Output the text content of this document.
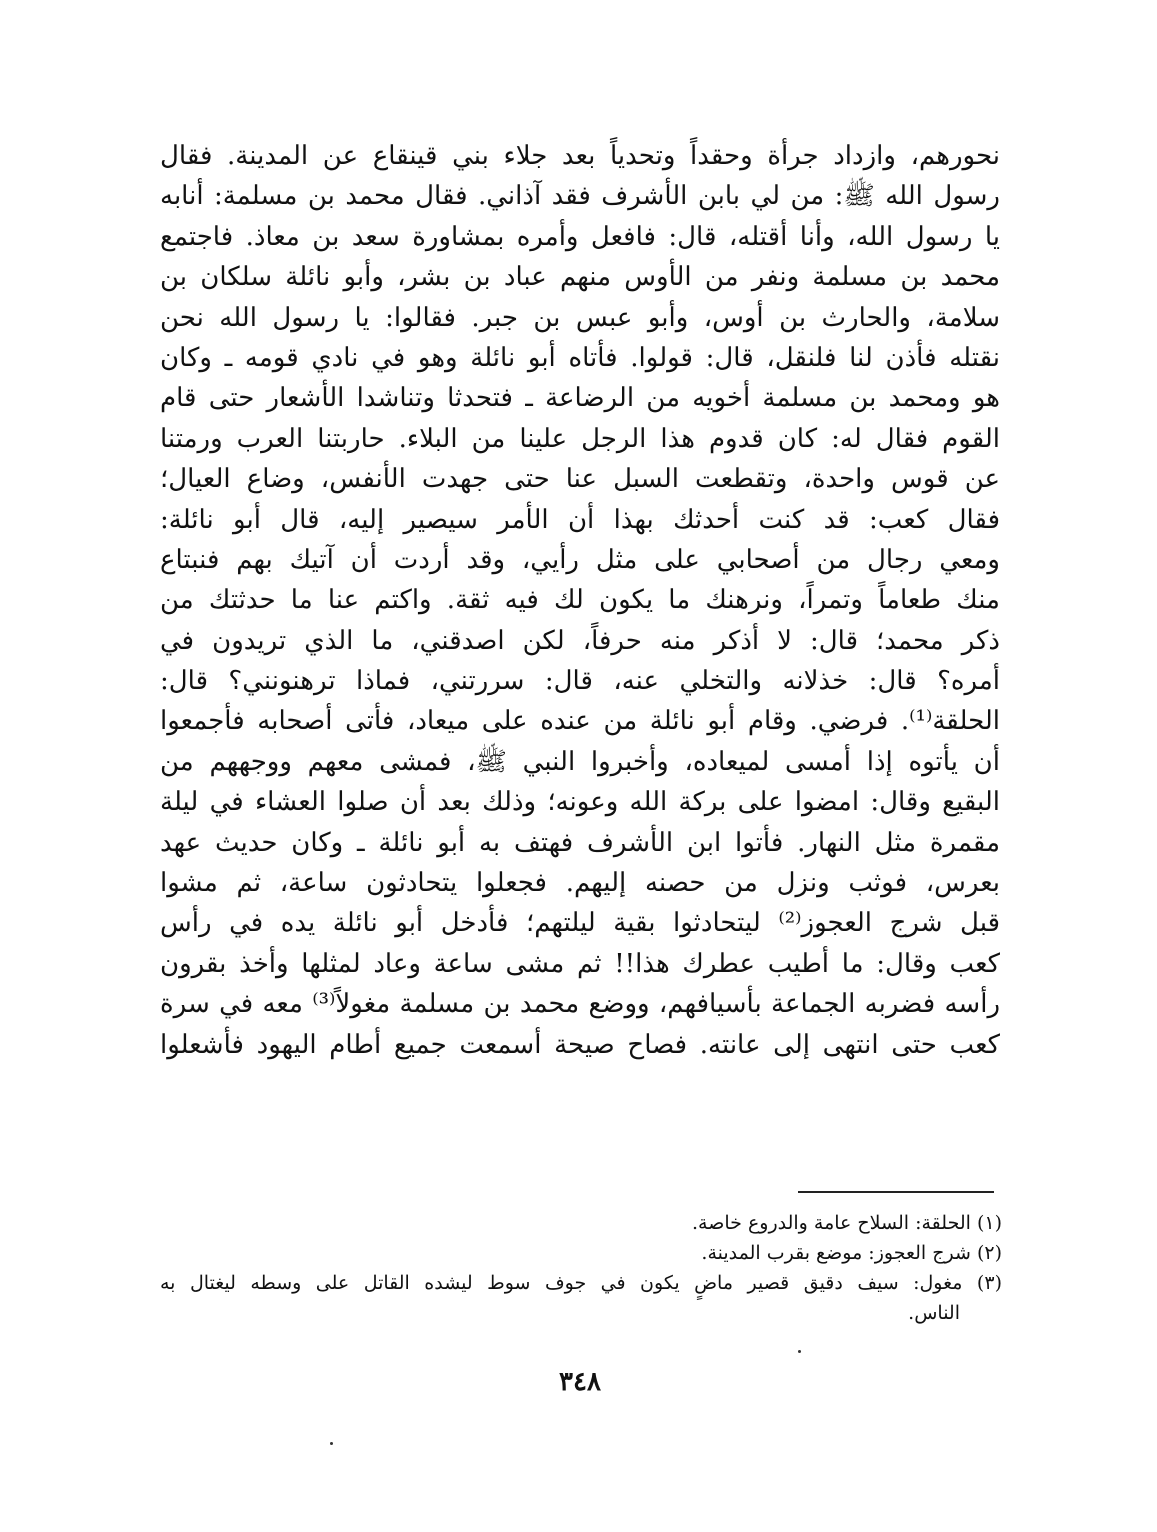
نحورهم، وازداد جرأة وحقداً وتحدياً بعد جلاء بني قينقاع عن المدينة. فقال
رسول الله ﷺ: من لي بابن الأشرف فقد آذاني. فقال محمد بن مسلمة: أنابه
يا رسول الله، وأنا أقتله، قال: فافعل وأمره بمشاورة سعد بن معاذ. فاجتمع
محمد بن مسلمة ونفر من الأوس منهم عباد بن بشر، وأبو نائلة سلكان بن
سلامة، والحارث بن أوس، وأبو عبس بن جبر. فقالوا: يا رسول الله نحن
نقتله فأْذن لنا فلنقل، قال: قولوا. فأتاه أبو نائلة وهو في نادي قومه ـ وكان
هو ومحمد بن مسلمة أخويه من الرضاعة ـ فتحدثا وتناشدا الأشعار حتى قام
القوم فقال له: كان قدوم هذا الرجل علينا من البلاء. حاربتنا العرب ورمتنا
عن قوس واحدة، وتقطعت السبل عنا حتى جهدت الأنفس، وضاع العيال؛
فقال كعب: قد كنت أحدثك بهذا أن الأمر سيصير إليه، قال أبو نائلة:
ومعي رجال من أصحابي على مثل رأيي، وقد أردت أن آتيك بهم فنبتاع
منك طعاماً وتمراً، ونرهنك ما يكون لك فيه ثقة. واكتم عنا ما حدثتك من
ذكر محمد؛ قال: لا أذكر منه حرفاً، لكن اصدقني، ما الذي تريدون في
أمره؟ قال: خذلانه والتخلي عنه، قال: سررتني، فماذا ترهنونني؟ قال:
الحلقة⁽¹⁾. فرضي. وقام أبو نائلة من عنده على ميعاد، فأتى أصحابه فأجمعوا
أن يأتوه إذا أمسى لميعاده، وأخبروا النبي ﷺ، فمشى معهم ووجههم من
البقيع وقال: امضوا على بركة الله وعونه؛ وذلك بعد أن صلوا العشاء في ليلة
مقمرة مثل النهار. فأتوا ابن الأشرف فهتف به أبو نائلة ـ وكان حديث عهد
بعرس، فوثب ونزل من حصنه إليهم. فجعلوا يتحادثون ساعة، ثم مشوا
قبل شرج العجوز⁽²⁾ ليتحادثوا بقية ليلتهم؛ فأدخل أبو نائلة يده في رأس
كعب وقال: ما أطيب عطرك هذا!! ثم مشى ساعة وعاد لمثلها وأخذ بقرون
رأسه فضربه الجماعة بأسيافهم، ووضع محمد بن مسلمة مغولاً⁽³⁾ معه في سرة
كعب حتى انتهى إلى عانته. فصاح صيحة أسمعت جميع أطام اليهود فأشعلوا
(١) الحلقة: السلاح عامة والدروع خاصة.
(٢) شرج العجوز: موضع بقرب المدينة.
(٣) مغول: سيف دقيق قصير ماضٍ يكون في جوف سوط ليشده القاتل على وسطه ليغتال به
الناس.
٣٤٨
